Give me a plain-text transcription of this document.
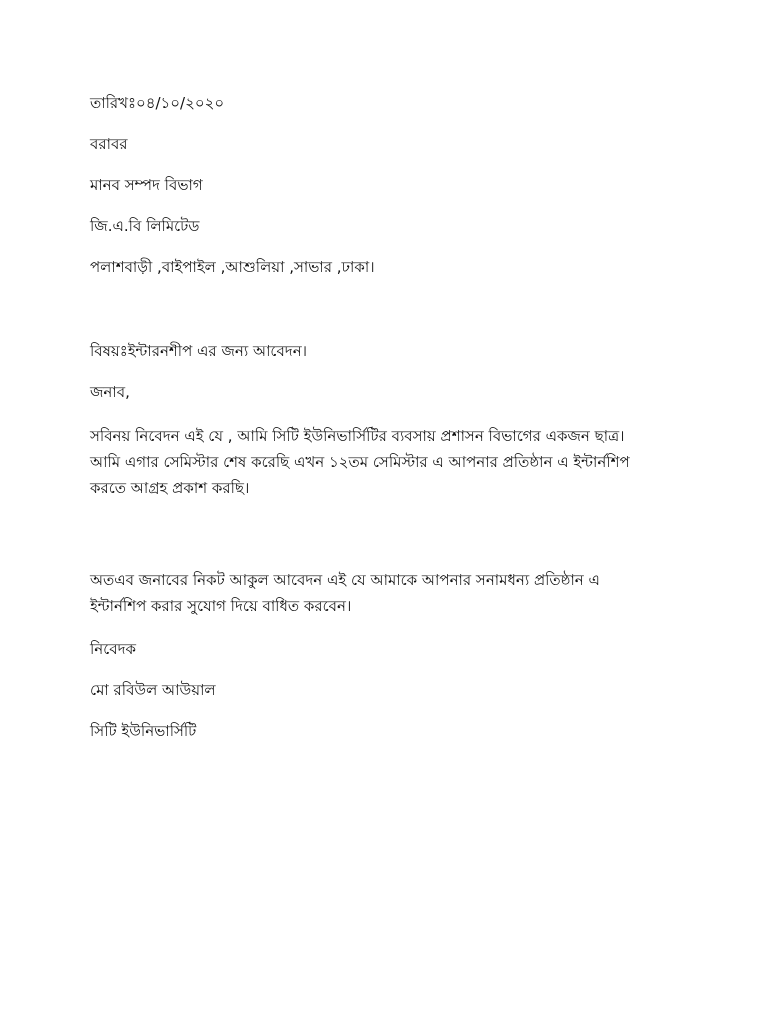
তারিখঃ০৪/১০/২০২০
বরাবর
মানব সম্পদ বিভাগ
জি.এ.বি লিমিটেড
পলাশবাড়ী ,বাইপাইল ,আশুলিয়া ,সাভার ,ঢাকা।
বিষয়ঃইন্টারনশীপ এর জন্য আবেদন।
জনাব,
সবিনয় নিবেদন এই যে , আমি সিটি ইউনিভার্সিটির ব্যবসায় প্রশাসন বিভাগের একজন ছাত্র।
আমি এগার সেমিস্টার শেষ করেছি এখন ১২তম সেমিস্টার এ আপনার প্রতিষ্ঠান এ ইন্টার্নশিপ
করতে আগ্রহ প্রকাশ করছি।
অতএব জনাবের নিকট আকুল আবেদন এই যে আমাকে আপনার সনামধন্য প্রতিষ্ঠান এ
ইন্টার্নশিপ করার সুযোগ দিয়ে বাধিত করবেন।
নিবেদক
মো রবিউল আউয়াল
সিটি ইউনিভার্সিটি
